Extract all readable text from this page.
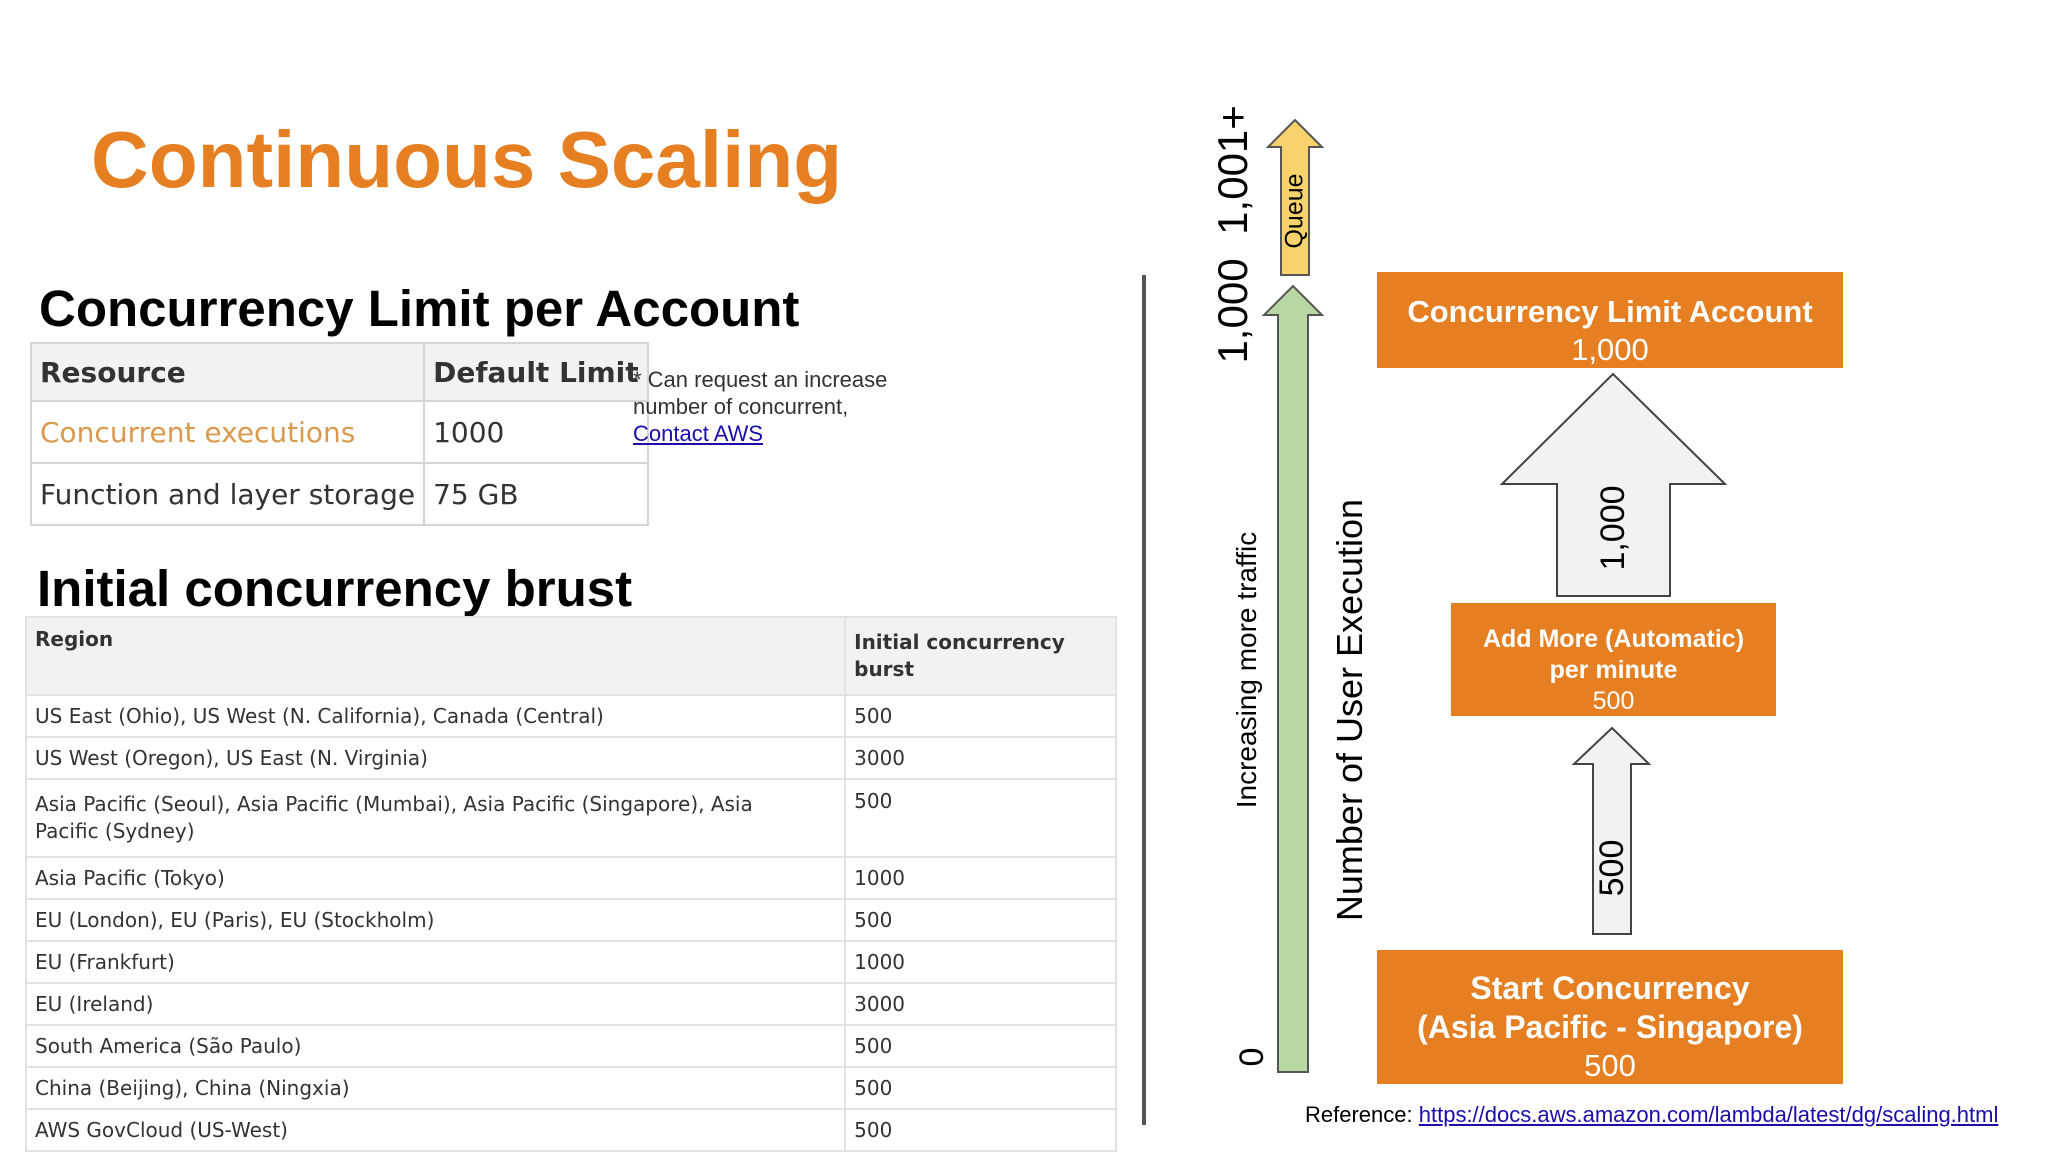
Continuous Scaling
Concurrency Limit per Account
Resource	Default Limit
Concurrent executions	1000
Function and layer storage	75 GB
* Can request an increase
number of concurrent,
Contact AWS
Initial concurrency brust
Region	Initial concurrency burst
US East (Ohio), US West (N. California), Canada (Central)	500
US West (Oregon), US East (N. Virginia)	3000
Asia Pacific (Seoul), Asia Pacific (Mumbai), Asia Pacific (Singapore), Asia Pacific (Sydney)	500
Asia Pacific (Tokyo)	1000
EU (London), EU (Paris), EU (Stockholm)	500
EU (Frankfurt)	1000
EU (Ireland)	3000
South America (São Paulo)	500
China (Beijing), China (Ningxia)	500
AWS GovCloud (US-West)	500
1,001+
1,000
0
Increasing more traffic Number of User Execution
Queue
1,000
500
Concurrency Limit Account
1,000
Add More (Automatic)
per minute
500
Start Concurrency
(Asia Pacific - Singapore)
500
Reference: https://docs.aws.amazon.com/lambda/latest/dg/scaling.html
